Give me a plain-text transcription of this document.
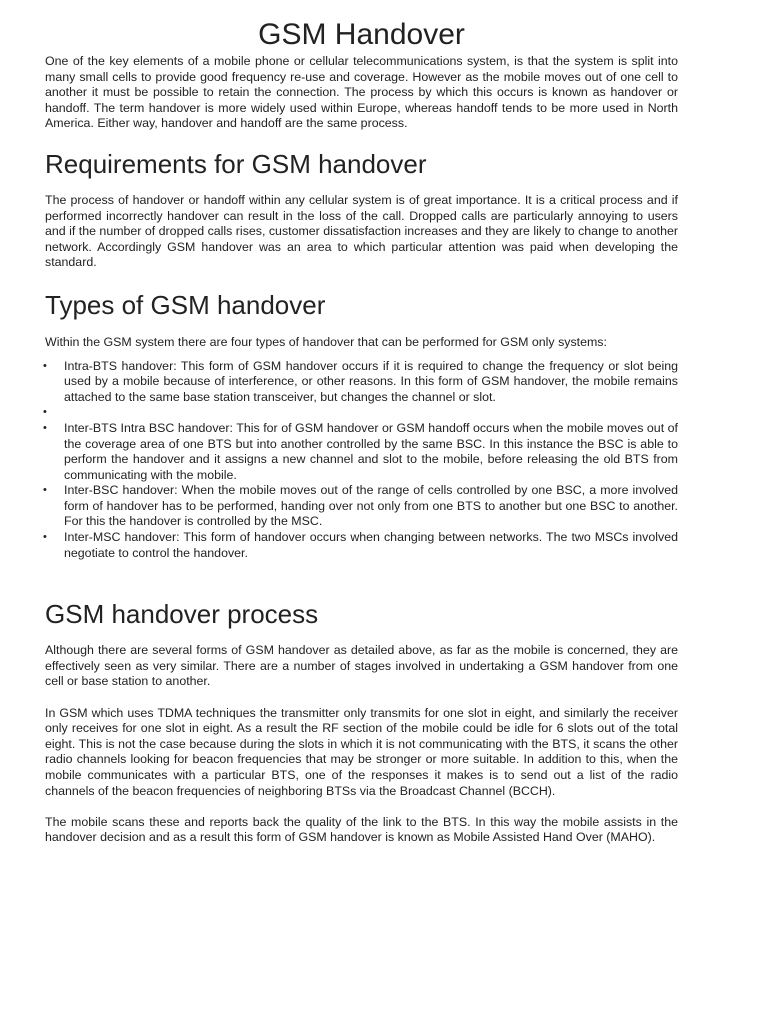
GSM Handover

One of the key elements of a mobile phone or cellular telecommunications system, is that the system is split into many small cells to provide good frequency re-use and coverage. However as the mobile moves out of one cell to another it must be possible to retain the connection. The process by which this occurs is known as handover or handoff. The term handover is more widely used within Europe, whereas handoff tends to be more used in North America. Either way, handover and handoff are the same process.

Requirements for GSM handover

The process of handover or handoff within any cellular system is of great importance. It is a critical process and if performed incorrectly handover can result in the loss of the call. Dropped calls are particularly annoying to users and if the number of dropped calls rises, customer dissatisfaction increases and they are likely to change to another network. Accordingly GSM handover was an area to which particular attention was paid when developing the standard.

Types of GSM handover

Within the GSM system there are four types of handover that can be performed for GSM only systems:

• Intra-BTS handover: This form of GSM handover occurs if it is required to change the frequency or slot being used by a mobile because of interference, or other reasons. In this form of GSM handover, the mobile remains attached to the same base station transceiver, but changes the channel or slot.
•
• Inter-BTS Intra BSC handover: This for of GSM handover or GSM handoff occurs when the mobile moves out of the coverage area of one BTS but into another controlled by the same BSC. In this instance the BSC is able to perform the handover and it assigns a new channel and slot to the mobile, before releasing the old BTS from communicating with the mobile.
• Inter-BSC handover: When the mobile moves out of the range of cells controlled by one BSC, a more involved form of handover has to be performed, handing over not only from one BTS to another but one BSC to another. For this the handover is controlled by the MSC.
• Inter-MSC handover: This form of handover occurs when changing between networks. The two MSCs involved negotiate to control the handover.
GSM handover process

Although there are several forms of GSM handover as detailed above, as far as the mobile is concerned, they are effectively seen as very similar. There are a number of stages involved in undertaking a GSM handover from one cell or base station to another.

In GSM which uses TDMA techniques the transmitter only transmits for one slot in eight, and similarly the receiver only receives for one slot in eight. As a result the RF section of the mobile could be idle for 6 slots out of the total eight. This is not the case because during the slots in which it is not communicating with the BTS, it scans the other radio channels looking for beacon frequencies that may be stronger or more suitable. In addition to this, when the mobile communicates with a particular BTS, one of the responses it makes is to send out a list of the radio channels of the beacon frequencies of neighboring BTSs via the Broadcast Channel (BCCH).

The mobile scans these and reports back the quality of the link to the BTS. In this way the mobile assists in the handover decision and as a result this form of GSM handover is known as Mobile Assisted Hand Over (MAHO).
